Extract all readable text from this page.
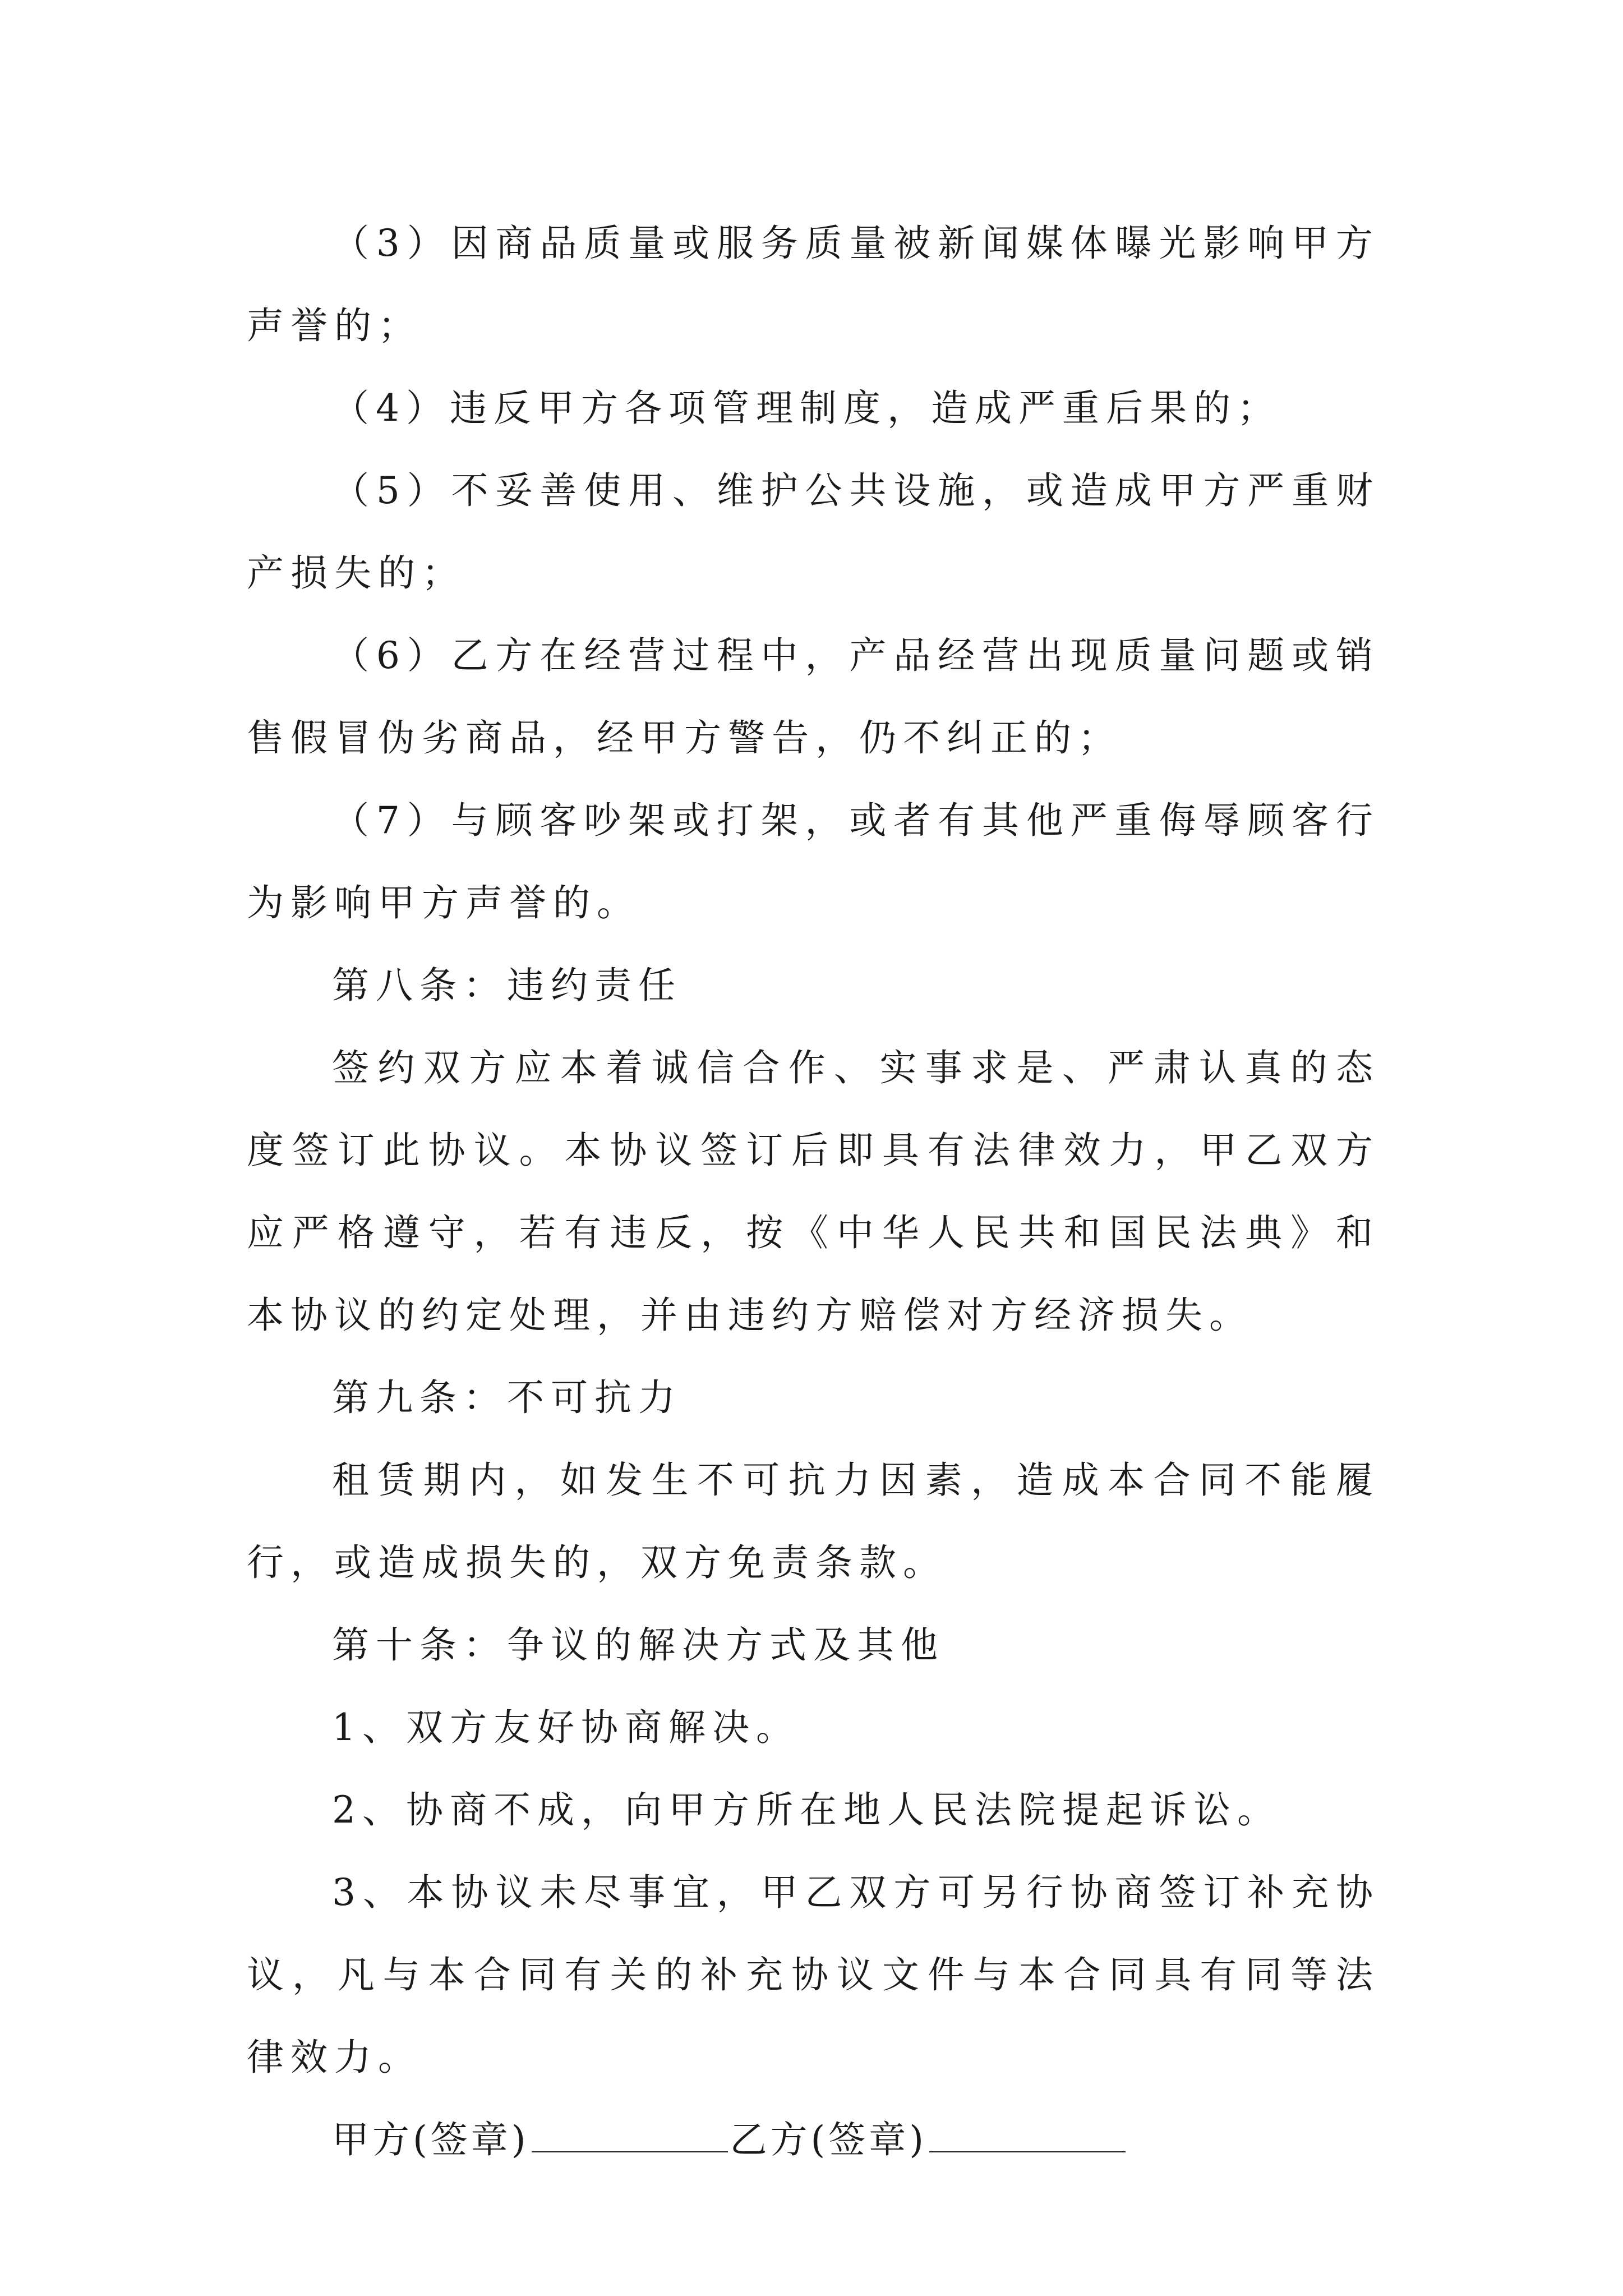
（3）因商品质量或服务质量被新闻媒体曝光影响甲方声誉的；

（4）违反甲方各项管理制度，造成严重后果的；

（5）不妥善使用、维护公共设施，或造成甲方严重财产损失的；

（6）乙方在经营过程中，产品经营出现质量问题或销售假冒伪劣商品，经甲方警告，仍不纠正的；

（7）与顾客吵架或打架，或者有其他严重侮辱顾客行为影响甲方声誉的。

第八条：违约责任

签约双方应本着诚信合作、实事求是、严肃认真的态度签订此协议。本协议签订后即具有法律效力，甲乙双方应严格遵守，若有违反，按《中华人民共和国民法典》和本协议的约定处理，并由违约方赔偿对方经济损失。

第九条：不可抗力

租赁期内，如发生不可抗力因素，造成本合同不能履行，或造成损失的，双方免责条款。

第十条：争议的解决方式及其他

1、双方友好协商解决。

2、协商不成，向甲方所在地人民法院提起诉讼。

3、本协议未尽事宜，甲乙双方可另行协商签订补充协议，凡与本合同有关的补充协议文件与本合同具有同等法律效力。

甲方(签章)	乙方(签章)
